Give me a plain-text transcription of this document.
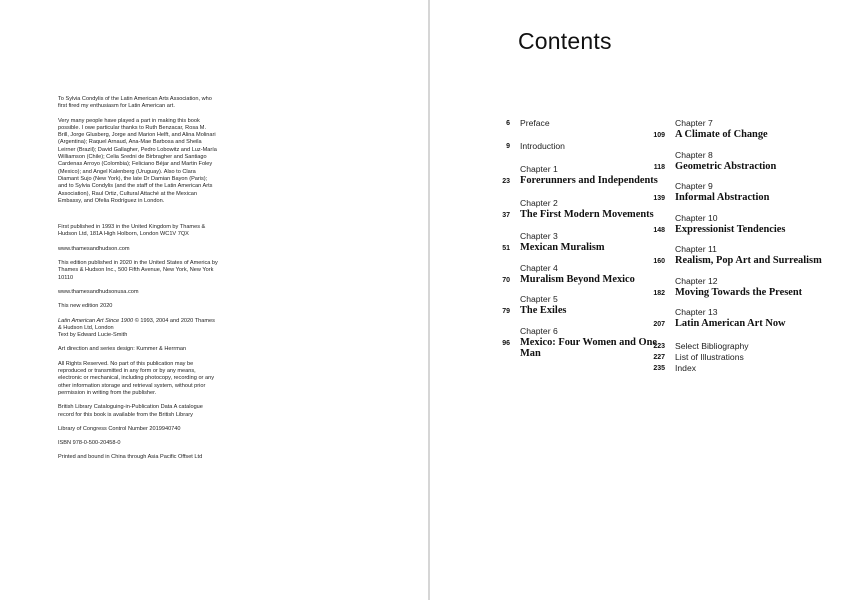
To Sylvia Condylis of the Latin American Arts Association, who first fired my enthusiasm for Latin American art.

Very many people have played a part in making this book possible. I owe particular thanks to Ruth Benzacar, Rosa M. Brill, Jorge Glusberg, Jorge and Marion Helft, and Alina Molinari (Argentina); Raquel Arnaud, Ana-Mae Barbosa and Sheila Leirner (Brazil); David Gallagher, Pedro Lobowitz and Luz-María Williamson (Chile); Celia Sredni de Birbragher and Santiago Cardenas Arroyo (Colombia); Feliciano Béjar and Martin Foley (Mexico); and Angel Kalenberg (Uruguay). Also to Clara Diamant Sujo (New York), the late Dr Damian Bayon (Paris); and to Sylvia Condylis (and the staff of the Latin American Arts Association), Raul Ortiz, Cultural Attaché at the Mexican Embassy, and Ofelia Rodríguez in London.

First published in 1993 in the United Kingdom by Thames & Hudson Ltd, 181A High Holborn, London WC1V 7QX

www.thamesandhudson.com

This edition published in 2020 in the United States of America by Thames & Hudson Inc., 500 Fifth Avenue, New York, New York 10110

www.thamesandhudsonusa.com

This new edition 2020

Latin American Art Since 1900 © 1993, 2004 and 2020 Thames & Hudson Ltd, London
Text by Edward Lucie-Smith

Art direction and series design: Kummer & Herrman

All Rights Reserved. No part of this publication may be reproduced or transmitted in any form or by any means, electronic or mechanical, including photocopy, recording or any other information storage and retrieval system, without prior permission in writing from the publisher.

British Library Cataloguing-in-Publication Data A catalogue record for this book is available from the British Library

Library of Congress Control Number 2019940740

ISBN 978-0-500-20458-0

Printed and bound in China through Asia Pacific Offset Ltd

Contents
6 Preface
9 Introduction
23
Chapter 1
Forerunners and Independents
37
Chapter 2
The First Modern Movements
51
Chapter 3
Mexican Muralism
70
Chapter 4
Muralism Beyond Mexico
79
Chapter 5
The Exiles
96
Chapter 6
Mexico: Four Women and One Man
109
Chapter 7
A Climate of Change
118
Chapter 8
Geometric Abstraction
139
Chapter 9
Informal Abstraction
148
Chapter 10
Expressionist Tendencies
160
Chapter 11
Realism, Pop Art and Surrealism
182
Chapter 12
Moving Towards the Present
207
Chapter 13
Latin American Art Now
223 Select Bibliography
227 List of Illustrations
235 Index
